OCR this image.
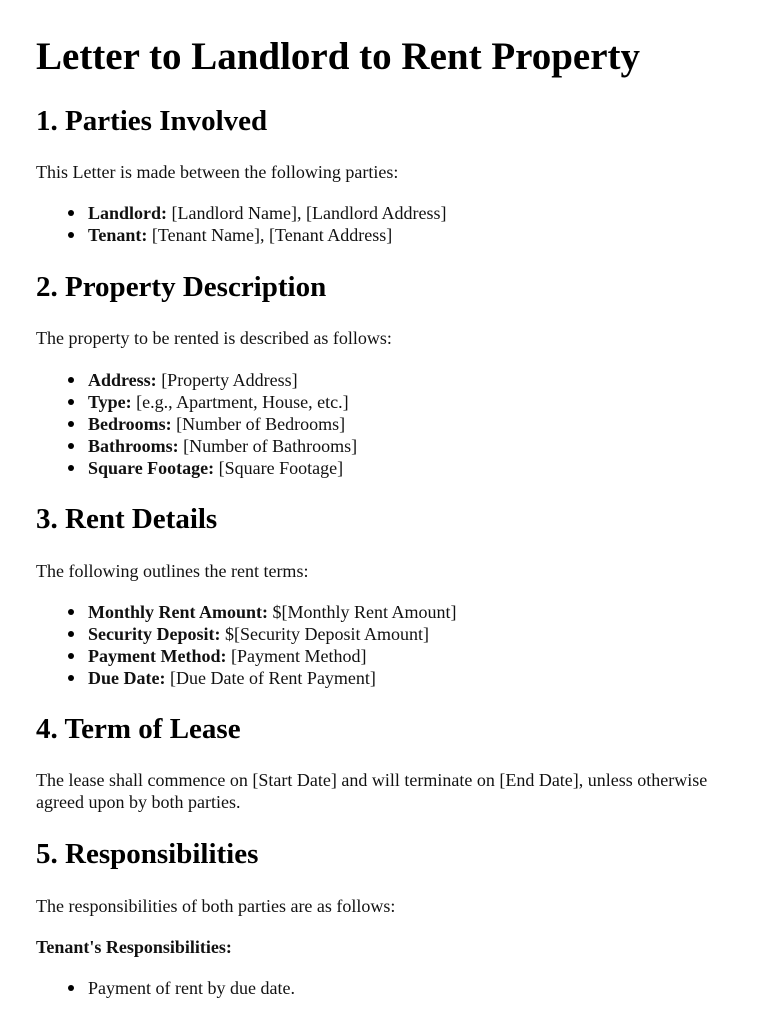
Letter to Landlord to Rent Property
1. Parties Involved

This Letter is made between the following parties:

Landlord: [Landlord Name], [Landlord Address]
Tenant: [Tenant Name], [Tenant Address]
2. Property Description

The property to be rented is described as follows:

Address: [Property Address]
Type: [e.g., Apartment, House, etc.]
Bedrooms: [Number of Bedrooms]
Bathrooms: [Number of Bathrooms]
Square Footage: [Square Footage]
3. Rent Details

The following outlines the rent terms:

Monthly Rent Amount: $[Monthly Rent Amount]
Security Deposit: $[Security Deposit Amount]
Payment Method: [Payment Method]
Due Date: [Due Date of Rent Payment]
4. Term of Lease

The lease shall commence on [Start Date] and will terminate on [End Date], unless otherwise agreed upon by both parties.

5. Responsibilities

The responsibilities of both parties are as follows:

Tenant's Responsibilities:

Payment of rent by due date.
